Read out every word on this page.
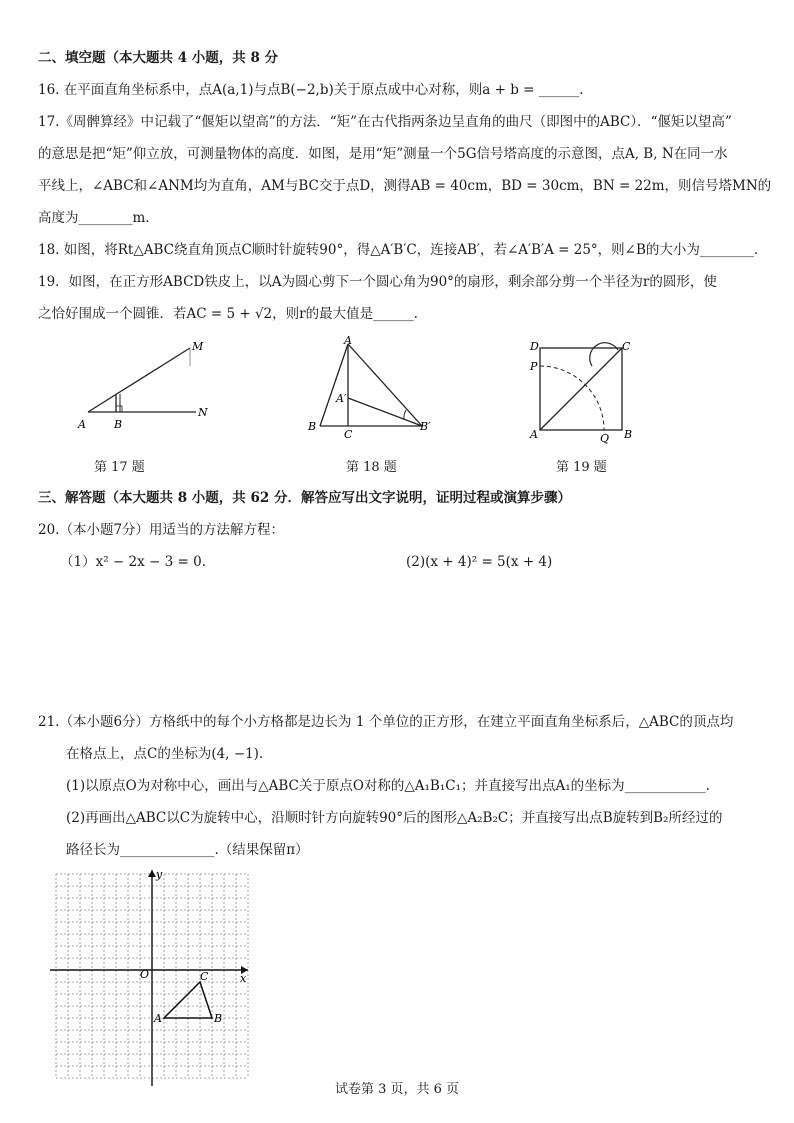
二、填空题（本大题共 4 小题，共 8 分
16. 在平面直角坐标系中，点A(a,1)与点B(−2,b)关于原点成中心对称，则a + b = ______.
17.《周髀算经》中记载了“偃矩以望高”的方法．“矩”在古代指两条边呈直角的曲尺（即图中的ABC）．“偃矩以望高”
的意思是把“矩”仰立放，可测量物体的高度．如图，是用“矩”测量一个5G信号塔高度的示意图，点A, B, N在同一水
平线上，∠ABC和∠ANM均为直角，AM与BC交于点D，测得AB = 40cm，BD = 30cm，BN = 22m，则信号塔MN的
高度为________m.
18. 如图，将Rt△ABC绕直角顶点C顺时针旋转90°，得△A′B′C，连接AB′，若∠A′B′A = 25°，则∠B的大小为________.
19．如图，在正方形ABCD铁皮上，以A为圆心剪下一个圆心角为90°的扇形，剩余部分剪一个半径为r的圆形，使
之恰好围成一个圆锥．若AC = 5 + √2，则r的最大值是______.
M
A	B
N
第 17 题
A
A′
B
C
B′
第 18 题
D	C
P
A	Q B
第 19 题
三、解答题（本大题共 8 小题，共 62 分．解答应写出文字说明，证明过程或演算步骤）
20.（本小题7分）用适当的方法解方程：
（1）x² − 2x − 3 = 0.	(2)(x + 4)² = 5(x + 4)
21.（本小题6分）方格纸中的每个小方格都是边长为 1 个单位的正方形，在建立平面直角坐标系后，△ABC的顶点均
在格点上，点C的坐标为(4, −1).
(1)以原点O为对称中心，画出与△ABC关于原点O对称的△A₁B₁C₁；并直接写出点A₁的坐标为____________.
(2)再画出△ABC以C为旋转中心，沿顺时针方向旋转90°后的图形△A₂B₂C；并直接写出点B旋转到B₂所经过的
路径长为______________.（结果保留π）
y
x
O	C
A	B
试卷第 3 页，共 6 页
